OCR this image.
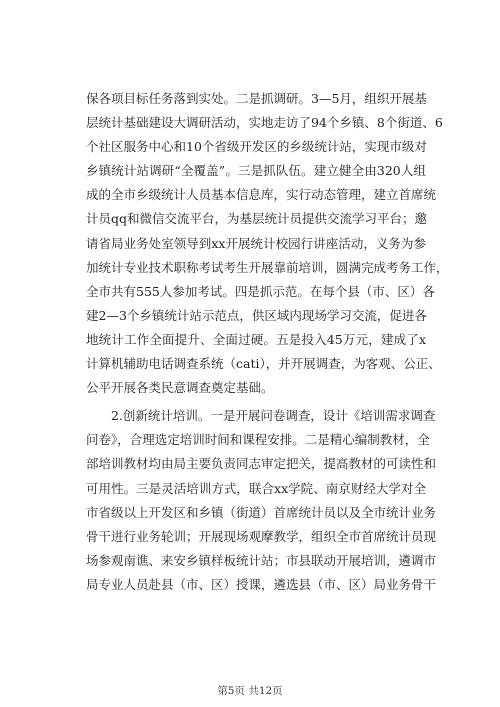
保各项目标任务落到实处。二是抓调研。3—5月，组织开展基
层统计基础建设大调研活动，实地走访了94个乡镇、8个街道、6
个社区服务中心和10个省级开发区的乡级统计站，实现市级对
乡镇统计站调研“全覆盖”。三是抓队伍。建立健全由320人组
成的全市乡级统计人员基本信息库，实行动态管理，建立首席统
计员qq和微信交流平台，为基层统计员提供交流学习平台；邀
请省局业务处室领导到xx开展统计校园行讲座活动，义务为参
加统计专业技术职称考试考生开展靠前培训，圆满完成考务工作，
全市共有555人参加考试。四是抓示范。在每个县（市、区）各
建2—3个乡镇统计站示范点，供区域内现场学习交流，促进各
地统计工作全面提升、全面过硬。五是投入45万元，建成了x
计算机辅助电话调查系统（cati），并开展调查，为客观、公正、
公平开展各类民意调查奠定基础。
　　2.创新统计培训。一是开展问卷调查，设计《培训需求调查
问卷》，合理选定培训时间和课程安排。二是精心编制教材，全
部培训教材均由局主要负责同志审定把关，提高教材的可读性和
可用性。三是灵活培训方式，联合xx学院、南京财经大学对全
市省级以上开发区和乡镇（街道）首席统计员以及全市统计业务
骨干进行业务轮训；开展现场观摩教学，组织全市首席统计员现
场参观南谯、来安乡镇样板统计站；市县联动开展培训，遴调市
局专业人员赴县（市、区）授课，遴选县（市、区）局业务骨干
第5页 共12页
